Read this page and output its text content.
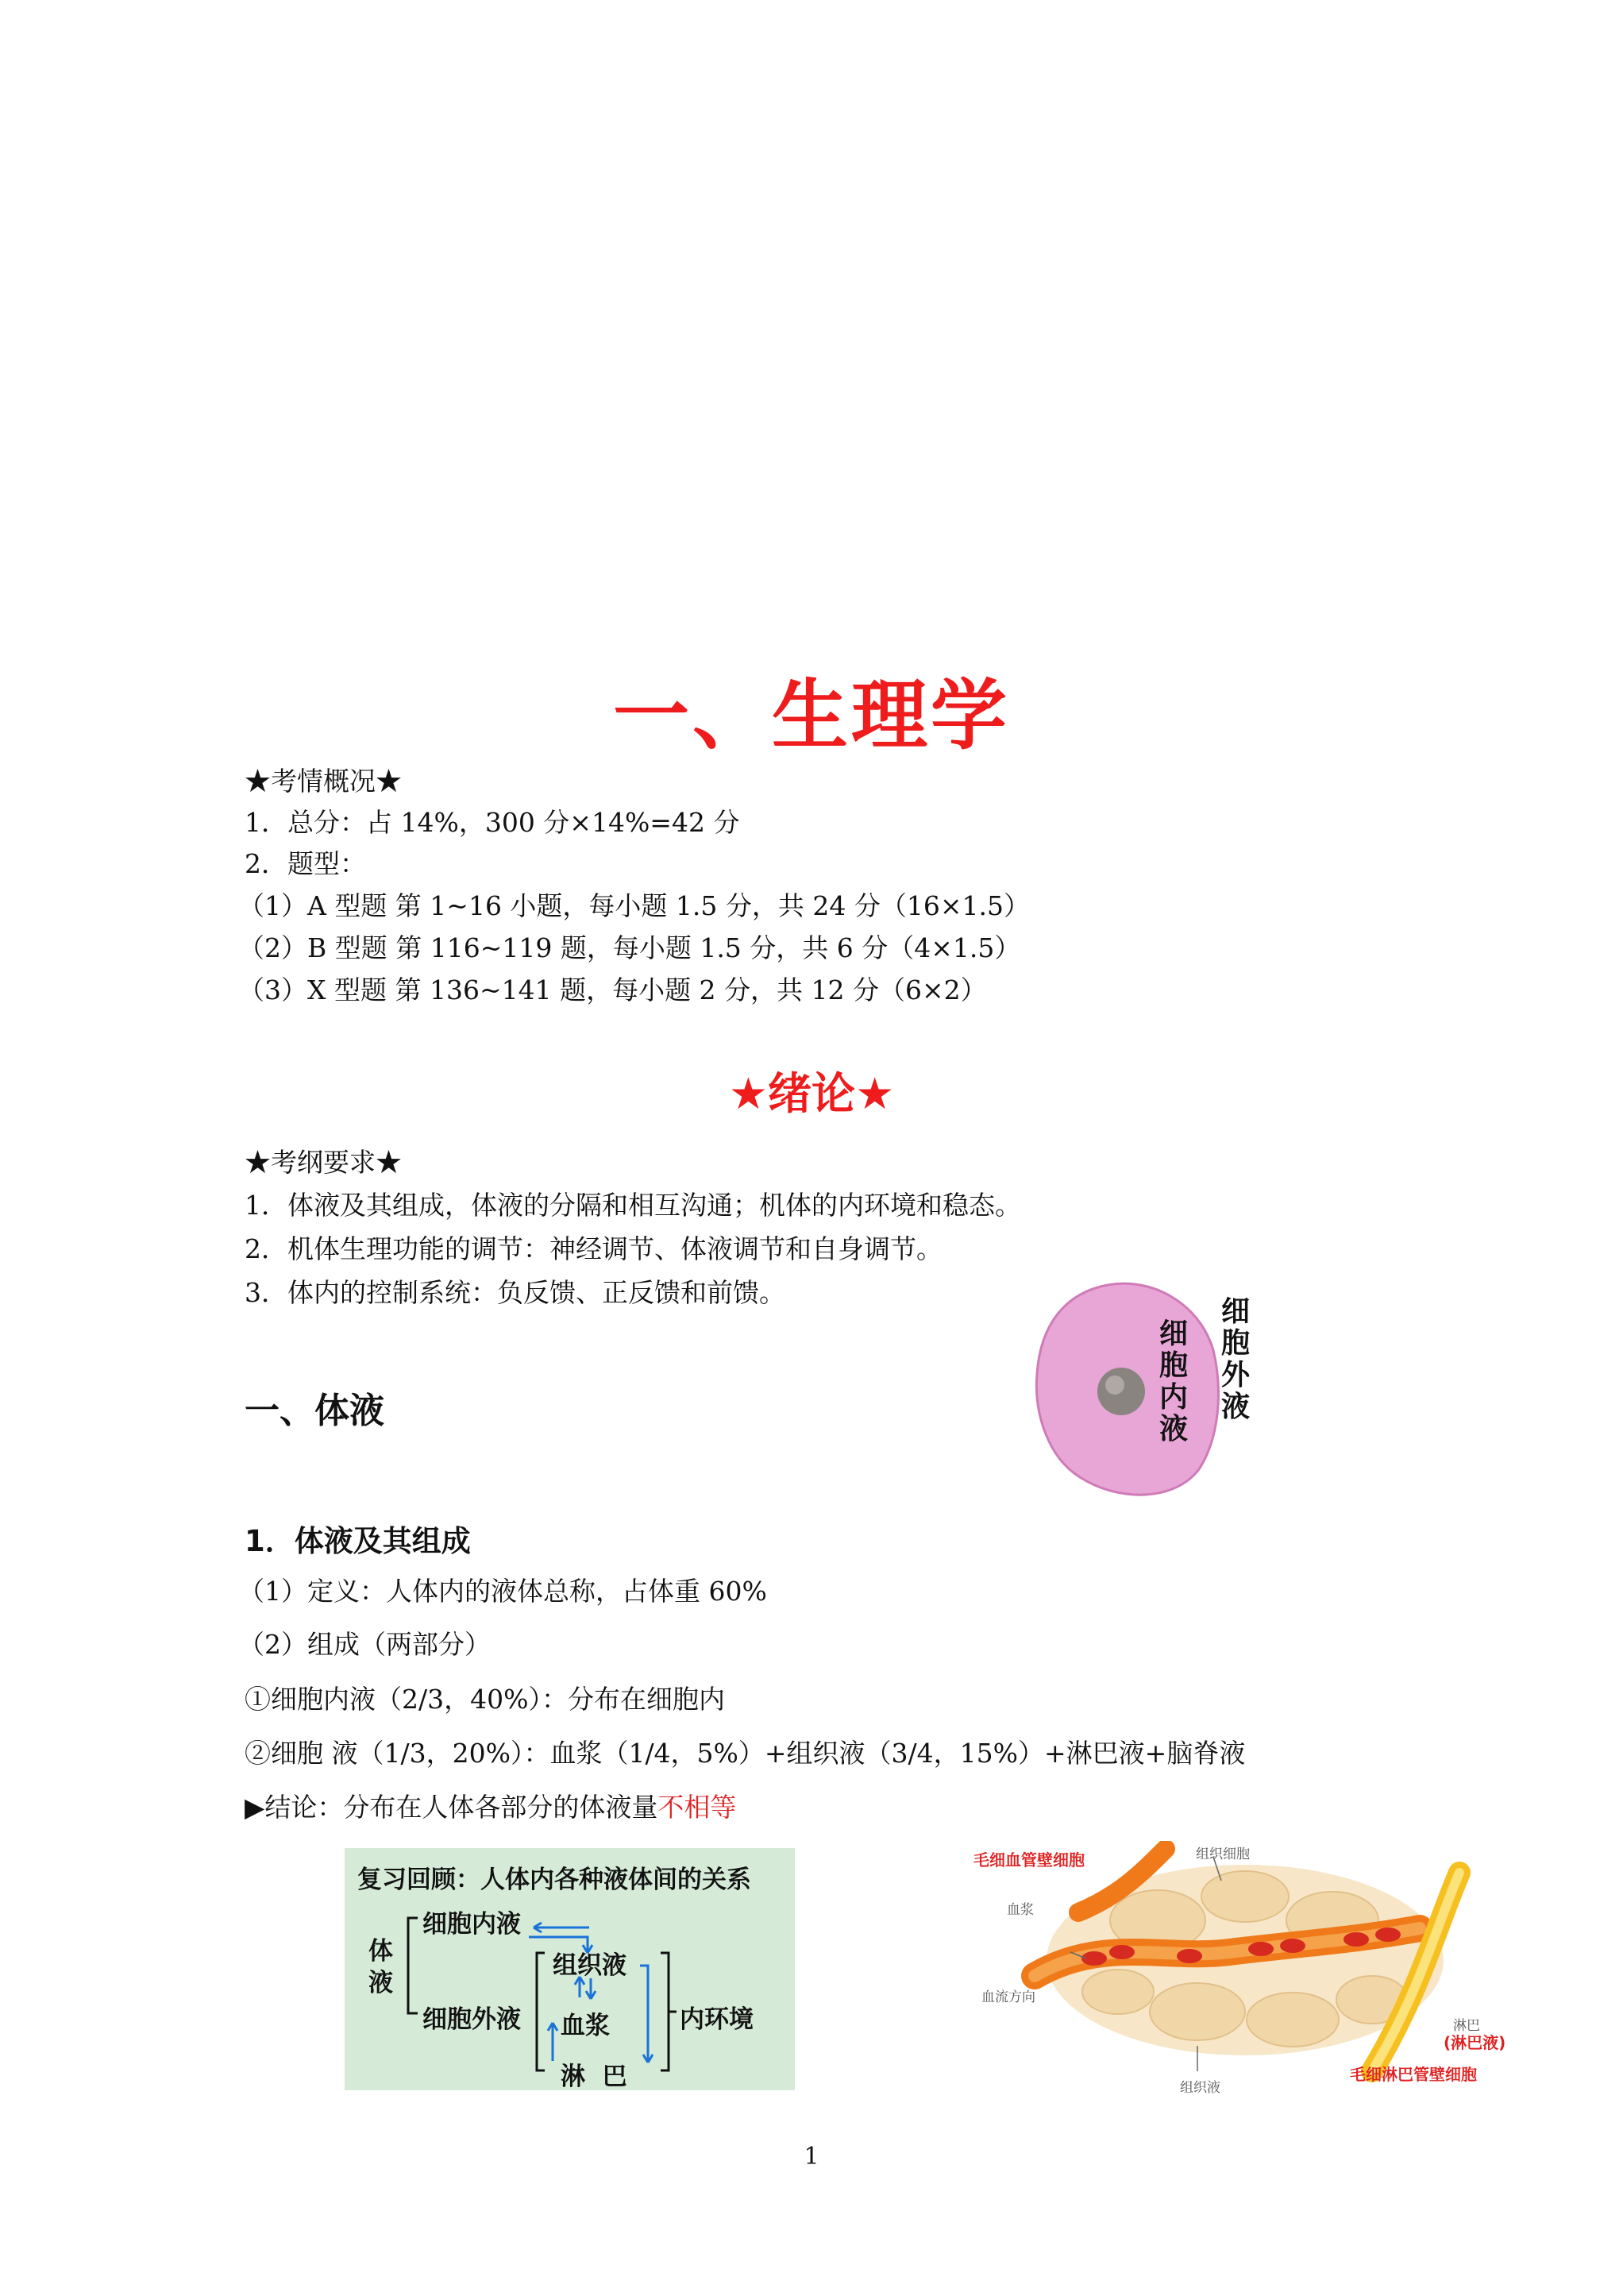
一、生理学
★考情概况★
1．总分：占 14%，300 分×14%=42 分
2．题型：
（1）A 型题 第 1~16 小题，每小题 1.5 分，共 24 分（16×1.5）
（2）B 型题 第 116~119 题，每小题 1.5 分，共 6 分（4×1.5）
（3）X 型题 第 136~141 题，每小题 2 分，共 12 分（6×2）
★绪论★
★考纲要求★
1．体液及其组成，体液的分隔和相互沟通；机体的内环境和稳态。
2．机体生理功能的调节：神经调节、体液调节和自身调节。
3．体内的控制系统：负反馈、正反馈和前馈。
细胞内液
细胞外液
一、体液
1．体液及其组成
（1）定义：人体内的液体总称，占体重 60%
（2）组成（两部分）
①细胞内液（2/3，40%）：分布在细胞内
②细胞 液（1/3，20%）：血浆（1/4，5%）+组织液（3/4，15%）+淋巴液+脑脊液
▶结论：分布在人体各部分的体液量不相等
复习回顾：人体内各种液体间的关系
体液
细胞内液
细胞外液
组织液
血浆
淋  巴
内环境
毛细血管壁细胞	组织细胞
血浆
血流方向
组织液
淋巴
(淋巴液)
毛细淋巴管壁细胞
1
